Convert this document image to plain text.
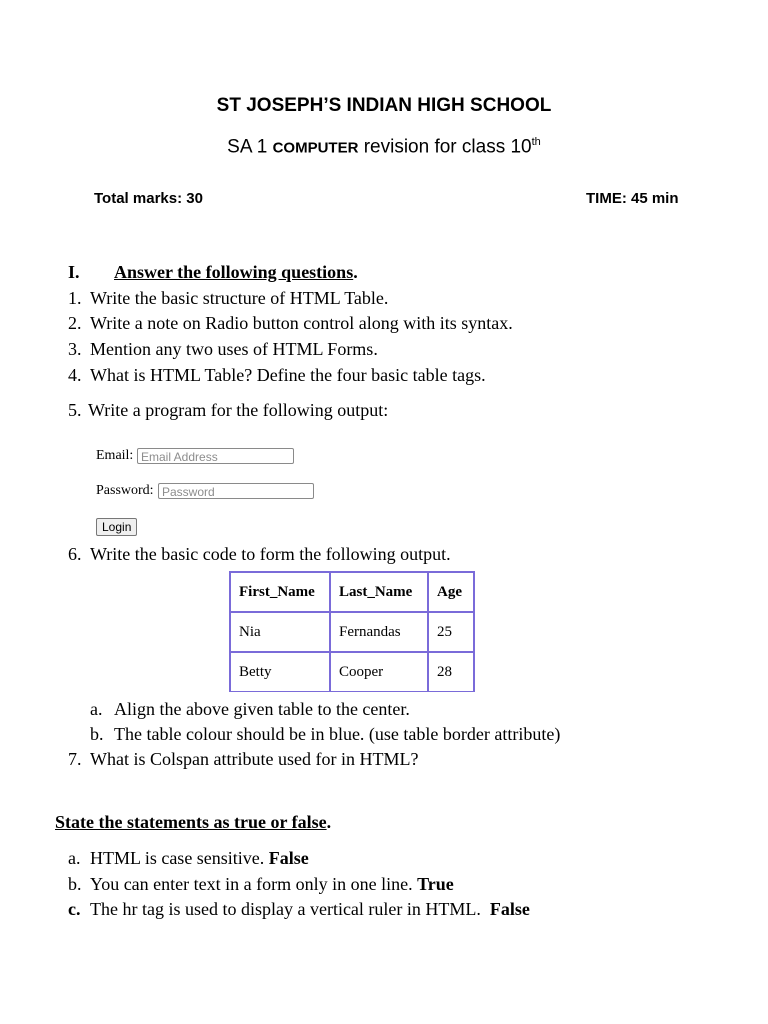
ST JOSEPH’S INDIAN HIGH SCHOOL
SA 1 COMPUTER revision for class 10th
Total marks: 30	TIME: 45 min
I. Answer the following questions.
1. Write the basic structure of HTML Table.
2. Write a note on Radio button control along with its syntax.
3. Mention any two uses of HTML Forms.
4. What is HTML Table? Define the four basic table tags.
5. Write a program for the following output:
Email: Email Address
Password: Password
Login
6. Write the basic code to form the following output.
First_Name	Last_Name	Age
Nia	Fernandas	25
Betty	Cooper	28
a. Align the above given table to the center.
b. The table colour should be in blue. (use table border attribute)
7. What is Colspan attribute used for in HTML?
State the statements as true or false.
a. HTML is case sensitive. False
b. You can enter text in a form only in one line. True
c. The hr tag is used to display a vertical ruler in HTML.  False
